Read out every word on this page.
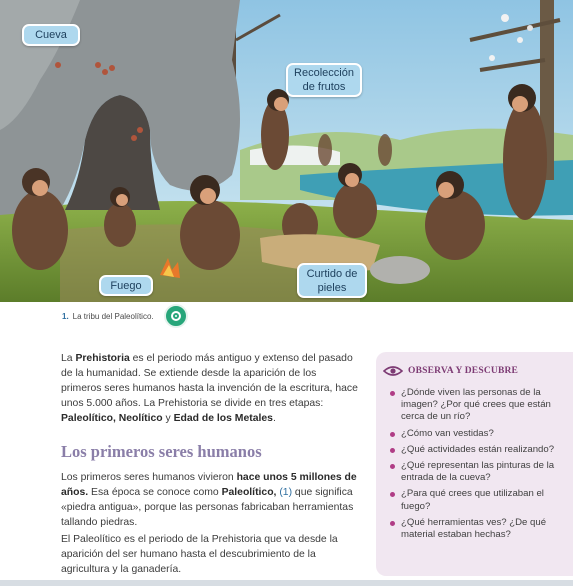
Cueva
Recolección de frutos
Fuego
Curtido de pieles
1. La tribu del Paleolítico.

La Prehistoria es el periodo más antiguo y extenso del pasado de la humanidad. Se extiende desde la aparición de los primeros seres humanos hasta la invención de la escritura, hace unos 5.000 años. La Prehistoria se divide en tres etapas: Paleolítico, Neolítico y Edad de los Metales.

Los primeros seres humanos

Los primeros seres humanos vivieron hace unos 5 millones de años. Esa época se conoce como Paleolítico, (1) que significa «piedra antigua», porque las personas fabricaban herramientas tallando piedras.

El Paleolítico es el periodo de la Prehistoria que va desde la aparición del ser humano hasta el descubrimiento de la agricultura y la ganadería.

OBSERVA Y DESCUBRE
¿Dónde viven las personas de la imagen? ¿Por qué crees que están cerca de un río?
¿Cómo van vestidas?
¿Qué actividades están realizando?
¿Qué representan las pinturas de la entrada de la cueva?
¿Para qué crees que utilizaban el fuego?
¿Qué herramientas ves? ¿De qué material estaban hechas?
